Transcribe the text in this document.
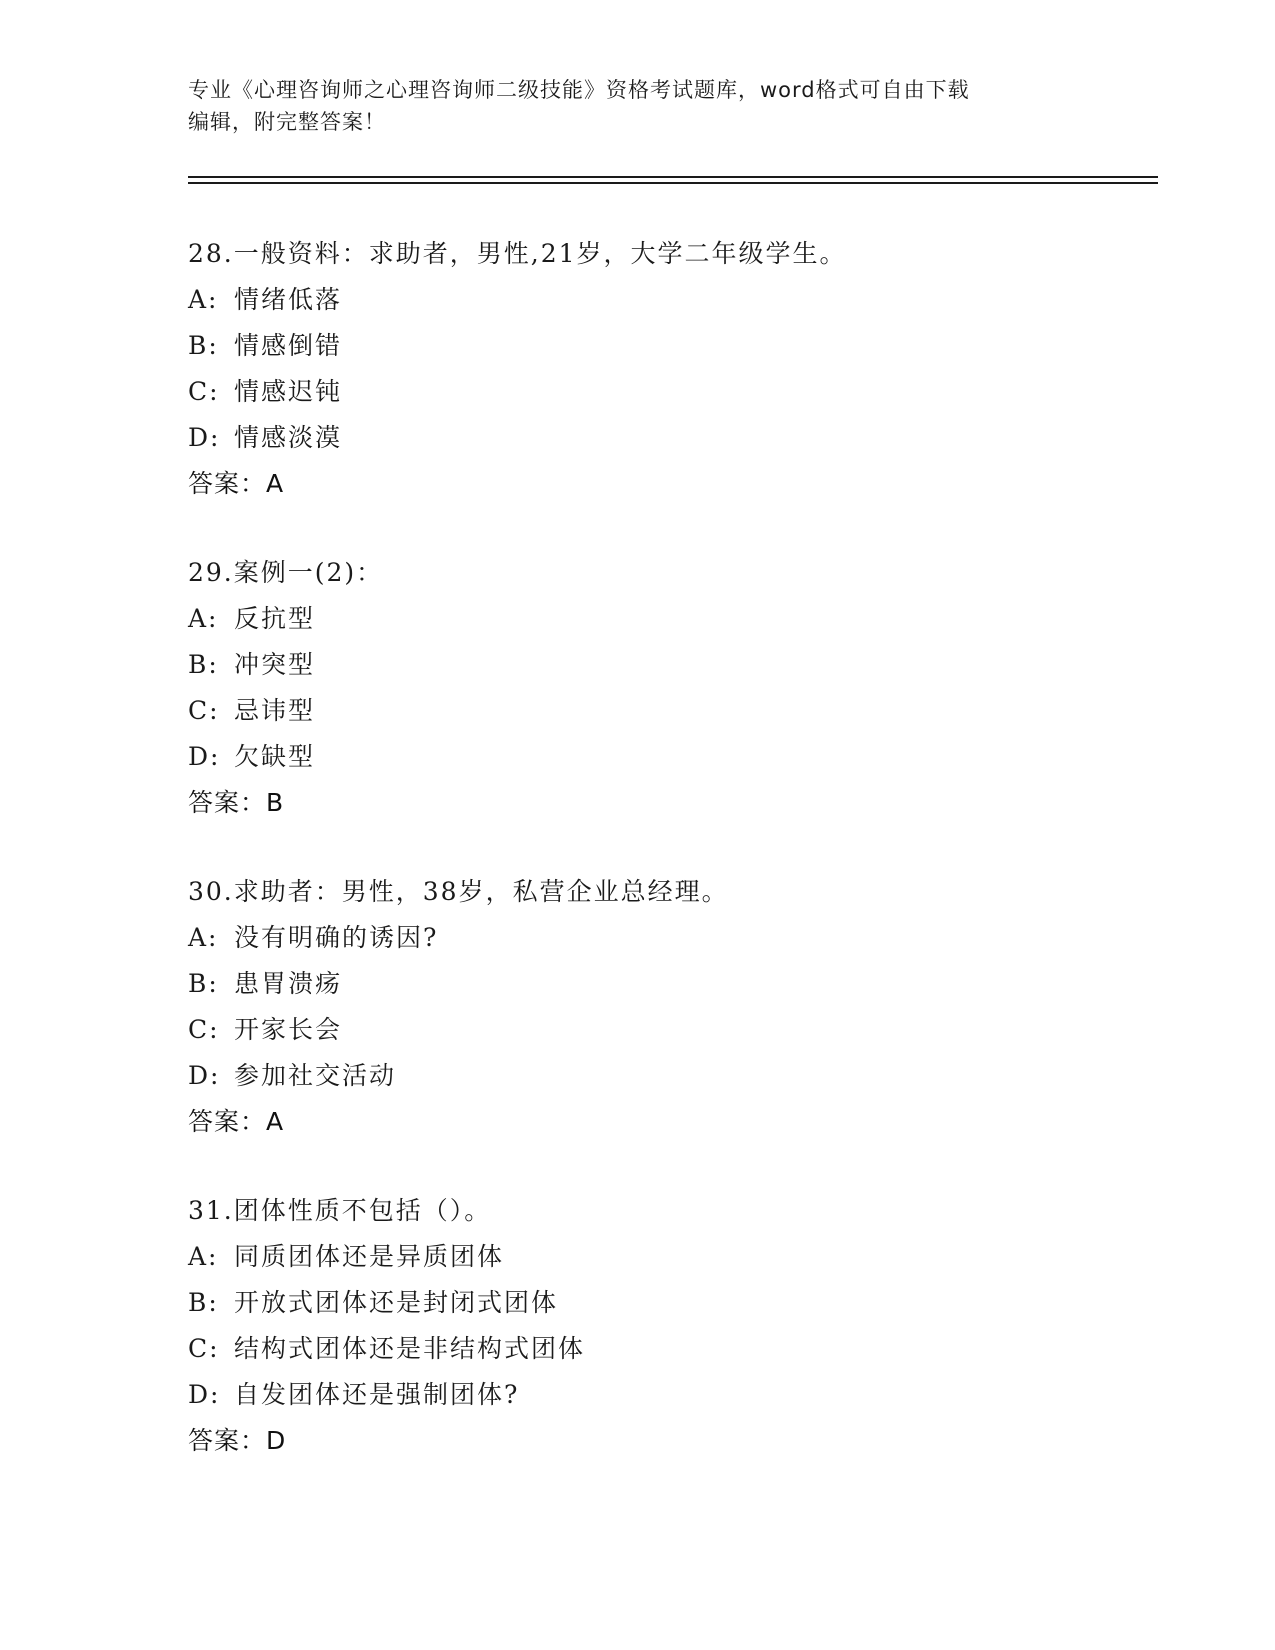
专业《心理咨询师之心理咨询师二级技能》资格考试题库，word格式可自由下载
编辑，附完整答案！
28.一般资料：求助者，男性,21岁，大学二年级学生。
A: 情绪低落
B: 情感倒错
C: 情感迟钝
D: 情感淡漠
答案：A
29.案例一(2)：
A: 反抗型
B: 冲突型
C: 忌讳型
D: 欠缺型
答案：B
30.求助者：男性，38岁，私营企业总经理。
A: 没有明确的诱因?
B: 患胃溃疡
C: 开家长会
D: 参加社交活动
答案：A
31.团体性质不包括（）。
A: 同质团体还是异质团体
B: 开放式团体还是封闭式团体
C: 结构式团体还是非结构式团体
D: 自发团体还是强制团体?
答案：D
